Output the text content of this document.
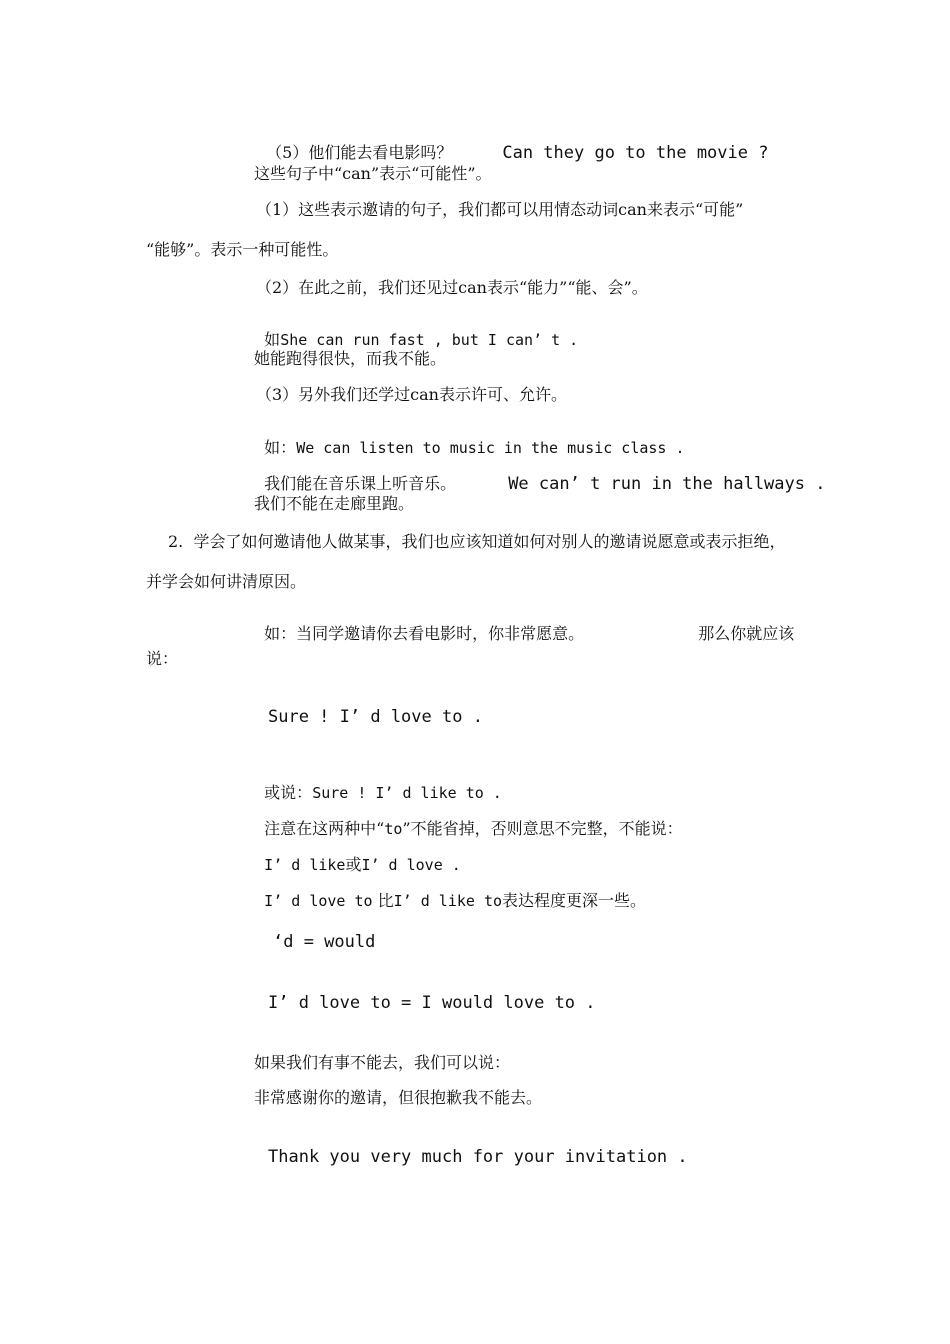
（5）他们能去看电影吗？	Can they go to the movie ?

这些句子中“can”表示“可能性”。
（1）这些表示邀请的句子，我们都可以用情态动词can来表示“可能”
“能够”。表示一种可能性。
（2）在此之前，我们还见过can表示“能力”“能、会”。

如She can run fast , but I can’ t .

她能跑得很快，而我不能。
（3）另外我们还学过can表示许可、允许。

如：We can listen to music in the music class .

我们能在音乐课上听音乐。	We can’ t run in the hallways .

我们不能在走廊里跑。
2.  学会了如何邀请他人做某事，我们也应该知道如何对别人的邀请说愿意或表示拒绝，
并学会如何讲清原因。

如：当同学邀请你去看电影时，你非常愿意。	那么你就应该

说：
Sure ! I’ d love to .

或说：Sure ! I’ d like to .

注意在这两种中“to”不能省掉，否则意思不完整，不能说：

I’ d like或I’ d love .

I’ d love to 比I’ d like to表达程度更深一些。

‘d = would
I’ d love to = I would love to .
如果我们有事不能去，我们可以说：
非常感谢你的邀请，但很抱歉我不能去。
Thank you very much for your invitation .
